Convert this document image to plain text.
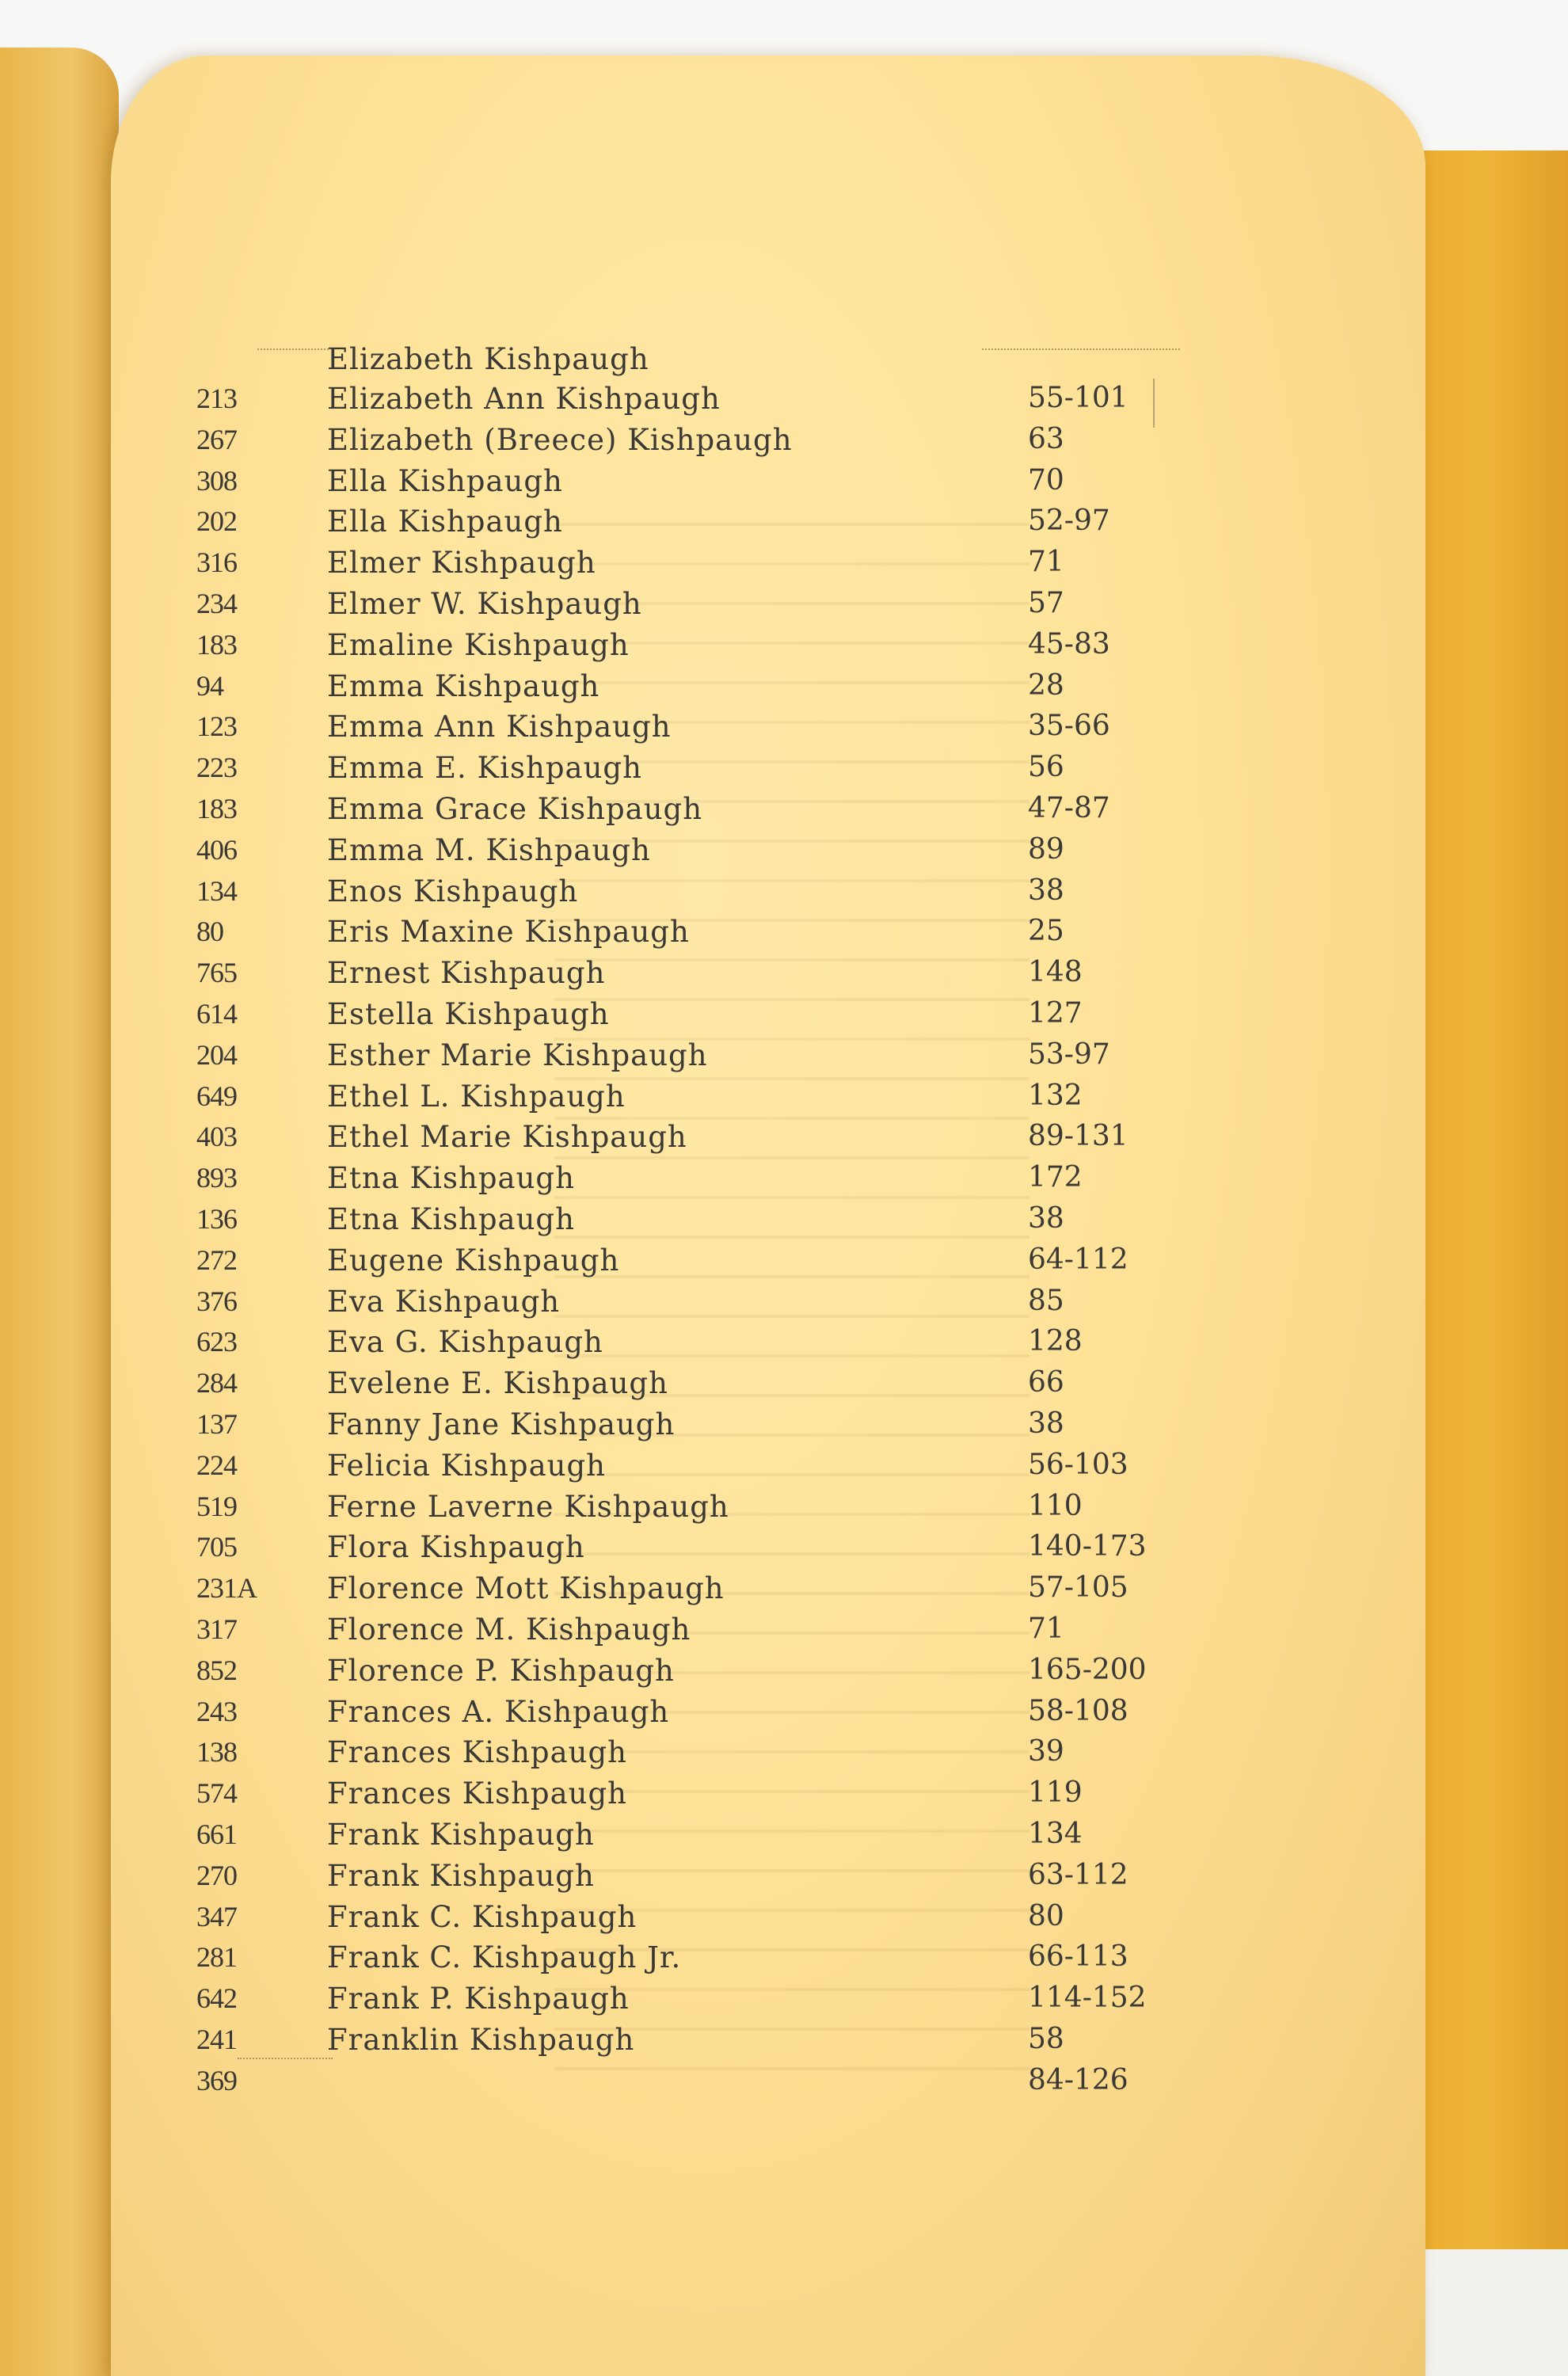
Elizabeth Kishpaugh
213	Elizabeth Ann Kishpaugh	55-101
267	Elizabeth (Breece) Kishpaugh	63
308	Ella Kishpaugh	70
202	Ella Kishpaugh	52-97
316	Elmer Kishpaugh	71
234	Elmer W. Kishpaugh	57
183	Emaline Kishpaugh	45-83
94	Emma Kishpaugh	28
123	Emma Ann Kishpaugh	35-66
223	Emma E. Kishpaugh	56
183	Emma Grace Kishpaugh	47-87
406	Emma M. Kishpaugh	89
134	Enos Kishpaugh	38
80	Eris Maxine Kishpaugh	25
765	Ernest Kishpaugh	148
614	Estella Kishpaugh	127
204	Esther Marie Kishpaugh	53-97
649	Ethel L. Kishpaugh	132
403	Ethel Marie Kishpaugh	89-131
893	Etna Kishpaugh	172
136	Etna Kishpaugh	38
272	Eugene Kishpaugh	64-112
376	Eva Kishpaugh	85
623	Eva G. Kishpaugh	128
284	Evelene E. Kishpaugh	66
137	Fanny Jane Kishpaugh	38
224	Felicia Kishpaugh	56-103
519	Ferne Laverne Kishpaugh	110
705	Flora Kishpaugh	140-173
231A Florence Mott Kishpaugh	57-105
317	Florence M. Kishpaugh	71
852	Florence P. Kishpaugh	165-200
243	Frances A. Kishpaugh	58-108
138	Frances Kishpaugh	39
574	Frances Kishpaugh	119
661	Frank Kishpaugh	134
270	Frank Kishpaugh	63-112
347	Frank C. Kishpaugh	80
281	Frank C. Kishpaugh Jr.	66-113
642	Frank P. Kishpaugh	114-152
241	Franklin Kishpaugh	58
369	84-126
